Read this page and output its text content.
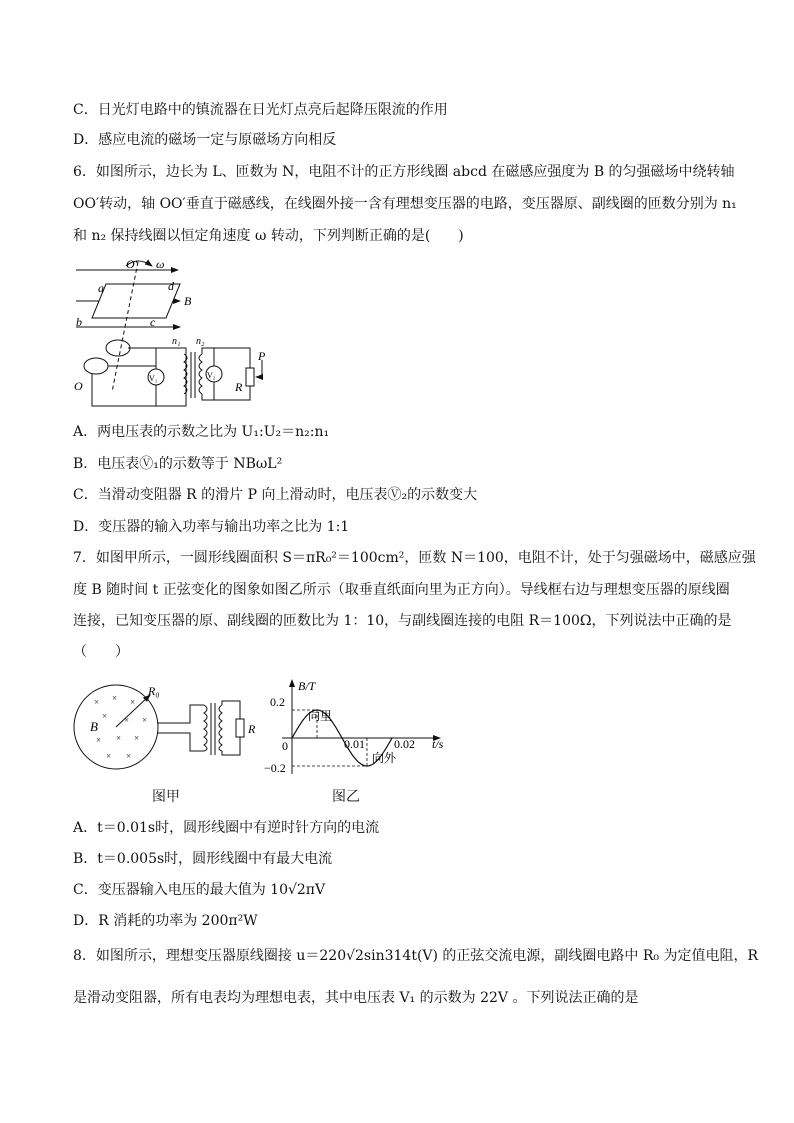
C．日光灯电路中的镇流器在日光灯点亮后起降压限流的作用
D．感应电流的磁场一定与原磁场方向相反
6．如图所示，边长为 L、匝数为 N，电阻不计的正方形线圈 abcd 在磁感应强度为 B 的匀强磁场中绕转轴
OO′转动，轴 OO′垂直于磁感线，在线圈外接一含有理想变压器的电路，变压器原、副线圈的匝数分别为 n₁
和 n₂ 保持线圈以恒定角速度 ω 转动，下列判断正确的是(　　)
A．两电压表的示数之比为 U₁:U₂＝n₂:n₁
B．电压表Ⓥ₁的示数等于 NBωL²
C．当滑动变阻器 R 的滑片 P 向上滑动时，电压表Ⓥ₂的示数变大
D．变压器的输入功率与输出功率之比为 1:1
7．如图甲所示，一圆形线圈面积 S＝πR₀²＝100cm²，匝数 N＝100，电阻不计，处于匀强磁场中，磁感应强
度 B 随时间 t 正弦变化的图象如图乙所示（取垂直纸面向里为正方向）。导线框右边与理想变压器的原线圈
连接，已知变压器的原、副线圈的匝数比为 1：10，与副线圈连接的电阻 R＝100Ω，下列说法中正确的是
（　　）
A．t＝0.01s时，圆形线圈中有逆时针方向的电流
B．t＝0.005s时，圆形线圈中有最大电流
C．变压器输入电压的最大值为 10√2πV
D．R 消耗的功率为 200π²W
8．如图所示，理想变压器原线圈接 u＝220√2sin314t(V) 的正弦交流电源，副线圈电路中 R₀ 为定值电阻，R
是滑动变阻器，所有电表均为理想电表，其中电压表 V₁ 的示数为 22V 。下列说法正确的是
O′ ω
a	d
b	c
B
O
n₁ n₂
V₁	V₂
R
P
× × ×
× × ×
× × ×
× ×
B
R₀
R
图甲
B/T
t/s
0.2
−0.2
0	0.01 0.02
向里
向外
图乙
